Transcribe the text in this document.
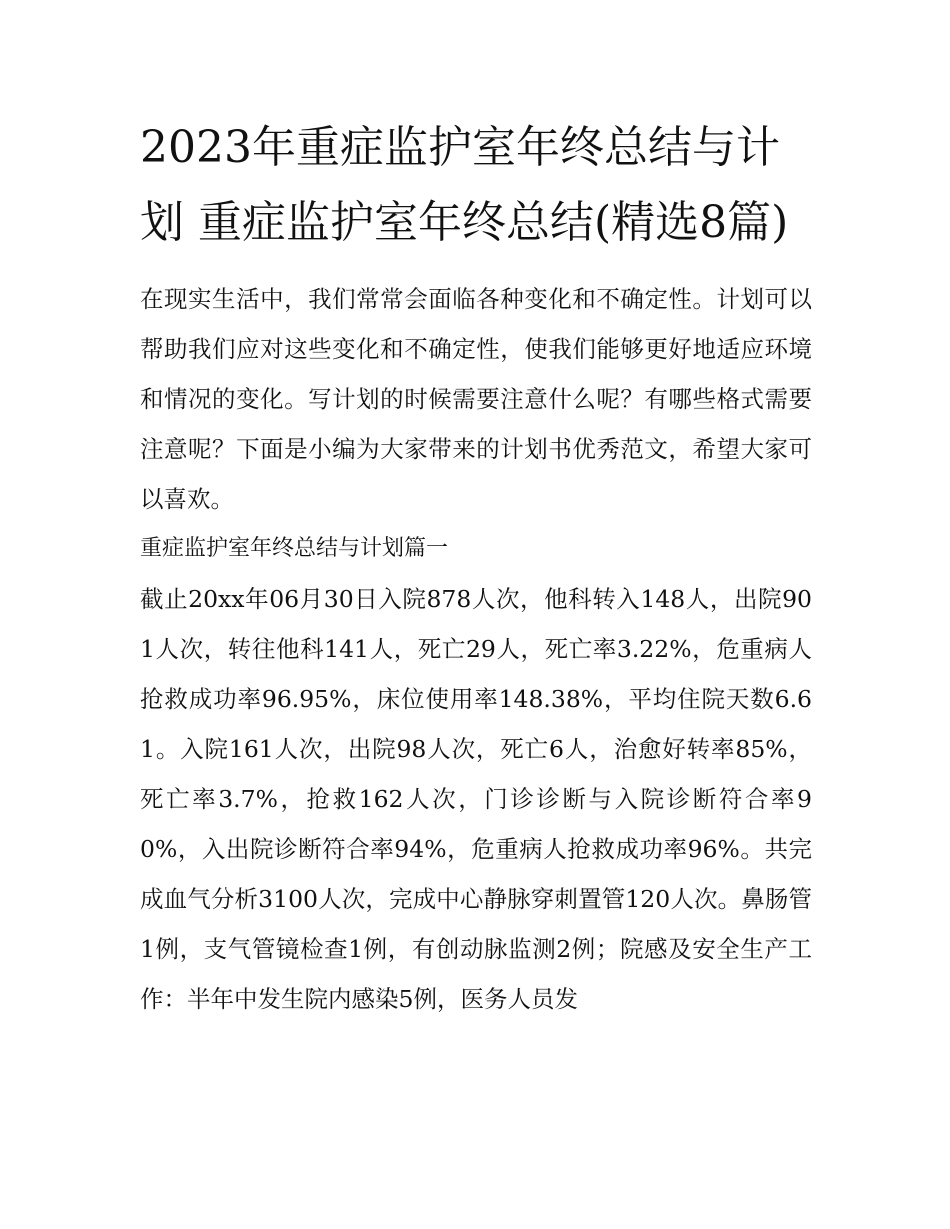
2023年重症监护室年终总结与计划 重症监护室年终总结(精选8篇)

在现实生活中，我们常常会面临各种变化和不确定性。计划可以帮助我们应对这些变化和不确定性，使我们能够更好地适应环境和情况的变化。写计划的时候需要注意什么呢？有哪些格式需要注意呢？下面是小编为大家带来的计划书优秀范文，希望大家可以喜欢。

重症监护室年终总结与计划篇一

截止20xx年06月30日入院878人次，他科转入148人，出院901人次，转往他科141人，死亡29人，死亡率3.22%，危重病人抢救成功率96.95%，床位使用率148.38%，平均住院天数6.61。入院161人次，出院98人次，死亡6人，治愈好转率85%，死亡率3.7%，抢救162人次，门诊诊断与入院诊断符合率90%，入出院诊断符合率94%，危重病人抢救成功率96%。共完成血气分析3100人次，完成中心静脉穿刺置管120人次。鼻肠管1例，支气管镜检查1例，有创动脉监测2例；院感及安全生产工作：半年中发生院内感染5例，医务人员发
